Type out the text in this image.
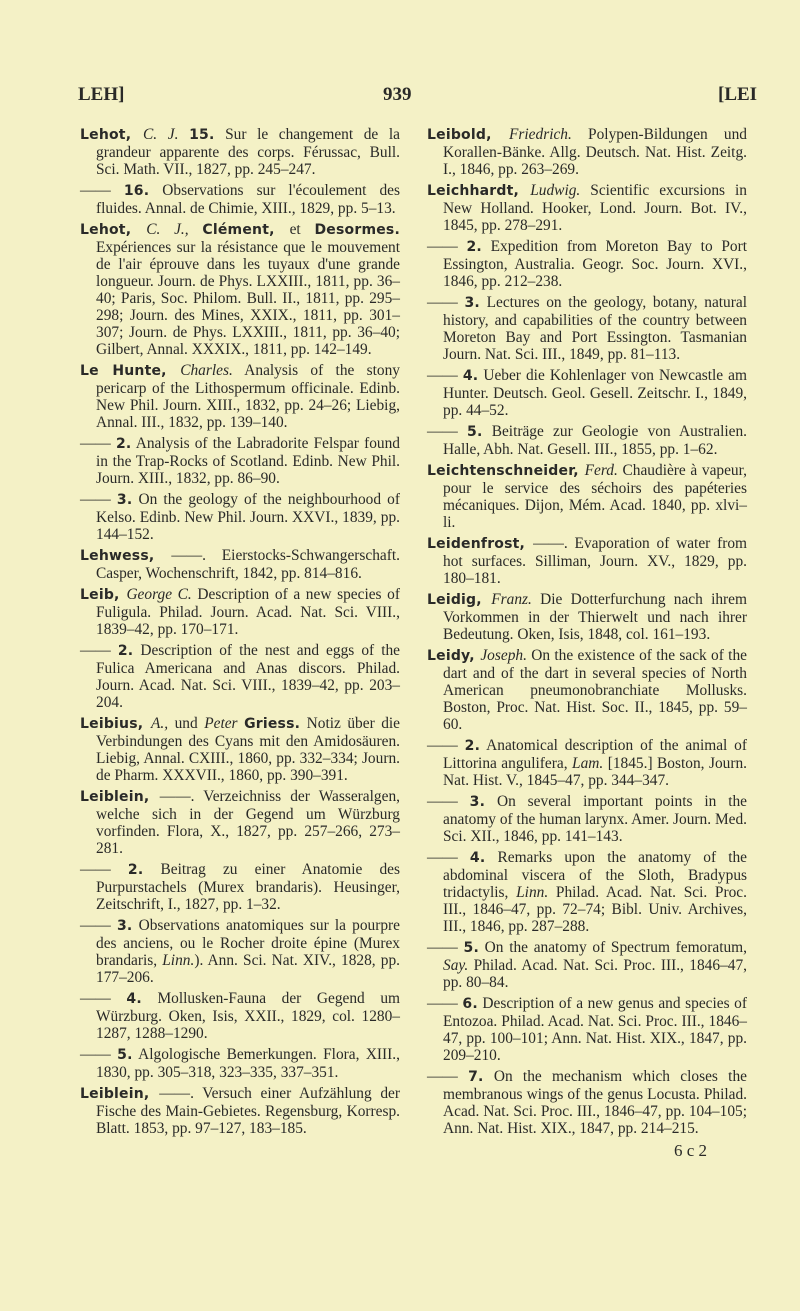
LEH]	939	[LEI
Lehot, C. J. 15. Sur le changement de la grandeur apparente des corps. Férussac, Bull. Sci. Math. VII., 1827, pp. 245–247.
—— 16. Observations sur l'écoulement des fluides. Annal. de Chimie, XIII., 1829, pp. 5–13.
Lehot, C. J., Clément, et Desormes. Expériences sur la résistance que le mouvement de l'air éprouve dans les tuyaux d'une grande longueur. Journ. de Phys. LXXIII., 1811, pp. 36–40; Paris, Soc. Philom. Bull. II., 1811, pp. 295–298; Journ. des Mines, XXIX., 1811, pp. 301–307; Journ. de Phys. LXXIII., 1811, pp. 36–40; Gilbert, Annal. XXXIX., 1811, pp. 142–149.
Le Hunte, Charles. Analysis of the stony pericarp of the Lithospermum officinale. Edinb. New Phil. Journ. XIII., 1832, pp. 24–26; Liebig, Annal. III., 1832, pp. 139–140.
—— 2. Analysis of the Labradorite Felspar found in the Trap-Rocks of Scotland. Edinb. New Phil. Journ. XIII., 1832, pp. 86–90.
—— 3. On the geology of the neighbourhood of Kelso. Edinb. New Phil. Journ. XXVI., 1839, pp. 144–152.
Lehwess, ——. Eierstocks-Schwangerschaft. Casper, Wochenschrift, 1842, pp. 814–816.
Leib, George C. Description of a new species of Fuligula. Philad. Journ. Acad. Nat. Sci. VIII., 1839–42, pp. 170–171.
—— 2. Description of the nest and eggs of the Fulica Americana and Anas discors. Philad. Journ. Acad. Nat. Sci. VIII., 1839–42, pp. 203–204.
Leibius, A., und Peter Griess. Notiz über die Verbindungen des Cyans mit den Amidosäuren. Liebig, Annal. CXIII., 1860, pp. 332–334; Journ. de Pharm. XXXVII., 1860, pp. 390–391.
Leiblein, ——. Verzeichniss der Wasseralgen, welche sich in der Gegend um Würzburg vorfinden. Flora, X., 1827, pp. 257–266, 273–281.
—— 2. Beitrag zu einer Anatomie des Purpurstachels (Murex brandaris). Heusinger, Zeitschrift, I., 1827, pp. 1–32.
—— 3. Observations anatomiques sur la pourpre des anciens, ou le Rocher droite épine (Murex brandaris, Linn.). Ann. Sci. Nat. XIV., 1828, pp. 177–206.
—— 4. Mollusken-Fauna der Gegend um Würzburg. Oken, Isis, XXII., 1829, col. 1280–1287, 1288–1290.
—— 5. Algologische Bemerkungen. Flora, XIII., 1830, pp. 305–318, 323–335, 337–351.
Leiblein, ——. Versuch einer Aufzählung der Fische des Main-Gebietes. Regensburg, Korresp. Blatt. 1853, pp. 97–127, 183–185.
Leibold, Friedrich. Polypen-Bildungen und Korallen-Bänke. Allg. Deutsch. Nat. Hist. Zeitg. I., 1846, pp. 263–269.
Leichhardt, Ludwig. Scientific excursions in New Holland. Hooker, Lond. Journ. Bot. IV., 1845, pp. 278–291.
—— 2. Expedition from Moreton Bay to Port Essington, Australia. Geogr. Soc. Journ. XVI., 1846, pp. 212–238.
—— 3. Lectures on the geology, botany, natural history, and capabilities of the country between Moreton Bay and Port Essington. Tasmanian Journ. Nat. Sci. III., 1849, pp. 81–113.
—— 4. Ueber die Kohlenlager von Newcastle am Hunter. Deutsch. Geol. Gesell. Zeitschr. I., 1849, pp. 44–52.
—— 5. Beiträge zur Geologie von Australien. Halle, Abh. Nat. Gesell. III., 1855, pp. 1–62.
Leichtenschneider, Ferd. Chaudière à vapeur, pour le service des séchoirs des papéteries mécaniques. Dijon, Mém. Acad. 1840, pp. xlvi–li.
Leidenfrost, ——. Evaporation of water from hot surfaces. Silliman, Journ. XV., 1829, pp. 180–181.
Leidig, Franz. Die Dotterfurchung nach ihrem Vorkommen in der Thierwelt und nach ihrer Bedeutung. Oken, Isis, 1848, col. 161–193.
Leidy, Joseph. On the existence of the sack of the dart and of the dart in several species of North American pneumonobranchiate Mollusks. Boston, Proc. Nat. Hist. Soc. II., 1845, pp. 59–60.
—— 2. Anatomical description of the animal of Littorina angulifera, Lam. [1845.] Boston, Journ. Nat. Hist. V., 1845–47, pp. 344–347.
—— 3. On several important points in the anatomy of the human larynx. Amer. Journ. Med. Sci. XII., 1846, pp. 141–143.
—— 4. Remarks upon the anatomy of the abdominal viscera of the Sloth, Bradypus tridactylis, Linn. Philad. Acad. Nat. Sci. Proc. III., 1846–47, pp. 72–74; Bibl. Univ. Archives, III., 1846, pp. 287–288.
—— 5. On the anatomy of Spectrum femoratum, Say. Philad. Acad. Nat. Sci. Proc. III., 1846–47, pp. 80–84.
—— 6. Description of a new genus and species of Entozoa. Philad. Acad. Nat. Sci. Proc. III., 1846–47, pp. 100–101; Ann. Nat. Hist. XIX., 1847, pp. 209–210.
—— 7. On the mechanism which closes the membranous wings of the genus Locusta. Philad. Acad. Nat. Sci. Proc. III., 1846–47, pp. 104–105; Ann. Nat. Hist. XIX., 1847, pp. 214–215.
6 c 2
